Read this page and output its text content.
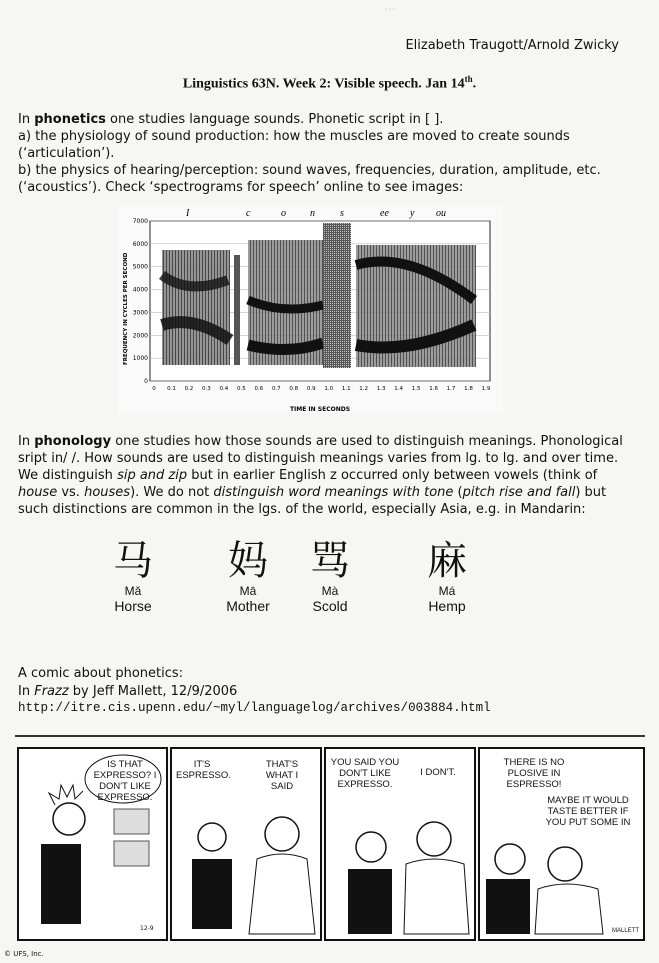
···
Elizabeth Traugott/Arnold Zwicky
Linguistics 63N. Week 2: Visible speech. Jan 14th.
In phonetics one studies language sounds. Phonetic script in [ ].
a) the physiology of sound production: how the muscles are moved to create sounds (‘articulation’).
b) the physics of hearing/perception: sound waves, frequencies, duration, amplitude, etc. (‘acoustics’). Check ‘spectrograms for speech’ online to see images:
I	c	o n	s	ee y ou
7000
6000
5000
4000
3000
2000
1000
0
0 0.1 0.2 0.3 0.4 0.5 0.6 0.7 0.8 0.9 1.0 1.1 1.2 1.3 1.4 1.5 1.6 1.7 1.8 1.9
FREQUENCY IN CYCLES PER SECOND
TIME IN SECONDS
In phonology one studies how those sounds are used to distinguish meanings. Phonological sript in/ /. How sounds are used to distinguish meanings varies from lg. to lg. and over time. We distinguish sip and zip but in earlier English z occurred only between vowels (think of house vs. houses). We do not distinguish word meanings with tone (pitch rise and fall) but such distinctions are common in the lgs. of the world, especially Asia, e.g. in Mandarin:
马
Mǎ
Horse
妈
Mā
Mother
骂
Mà
Scold
麻
Má
Hemp
A comic about phonetics:
In Frazz by Jeff Mallett, 12/9/2006
http://itre.cis.upenn.edu/~myl/languagelog/archives/003884.html
IS THAT EXPRESSO? I DON'T LIKE EXPRESSO.
IT'S ESPRESSO.
THAT'S WHAT I SAID
YOU SAID YOU DON'T LIKE EXPRESSO.
I DON'T.
THERE IS NO PLOSIVE IN ESPRESSO!
MAYBE IT WOULD TASTE BETTER IF YOU PUT SOME IN
MALLETT
12-9
© UFS, Inc.
